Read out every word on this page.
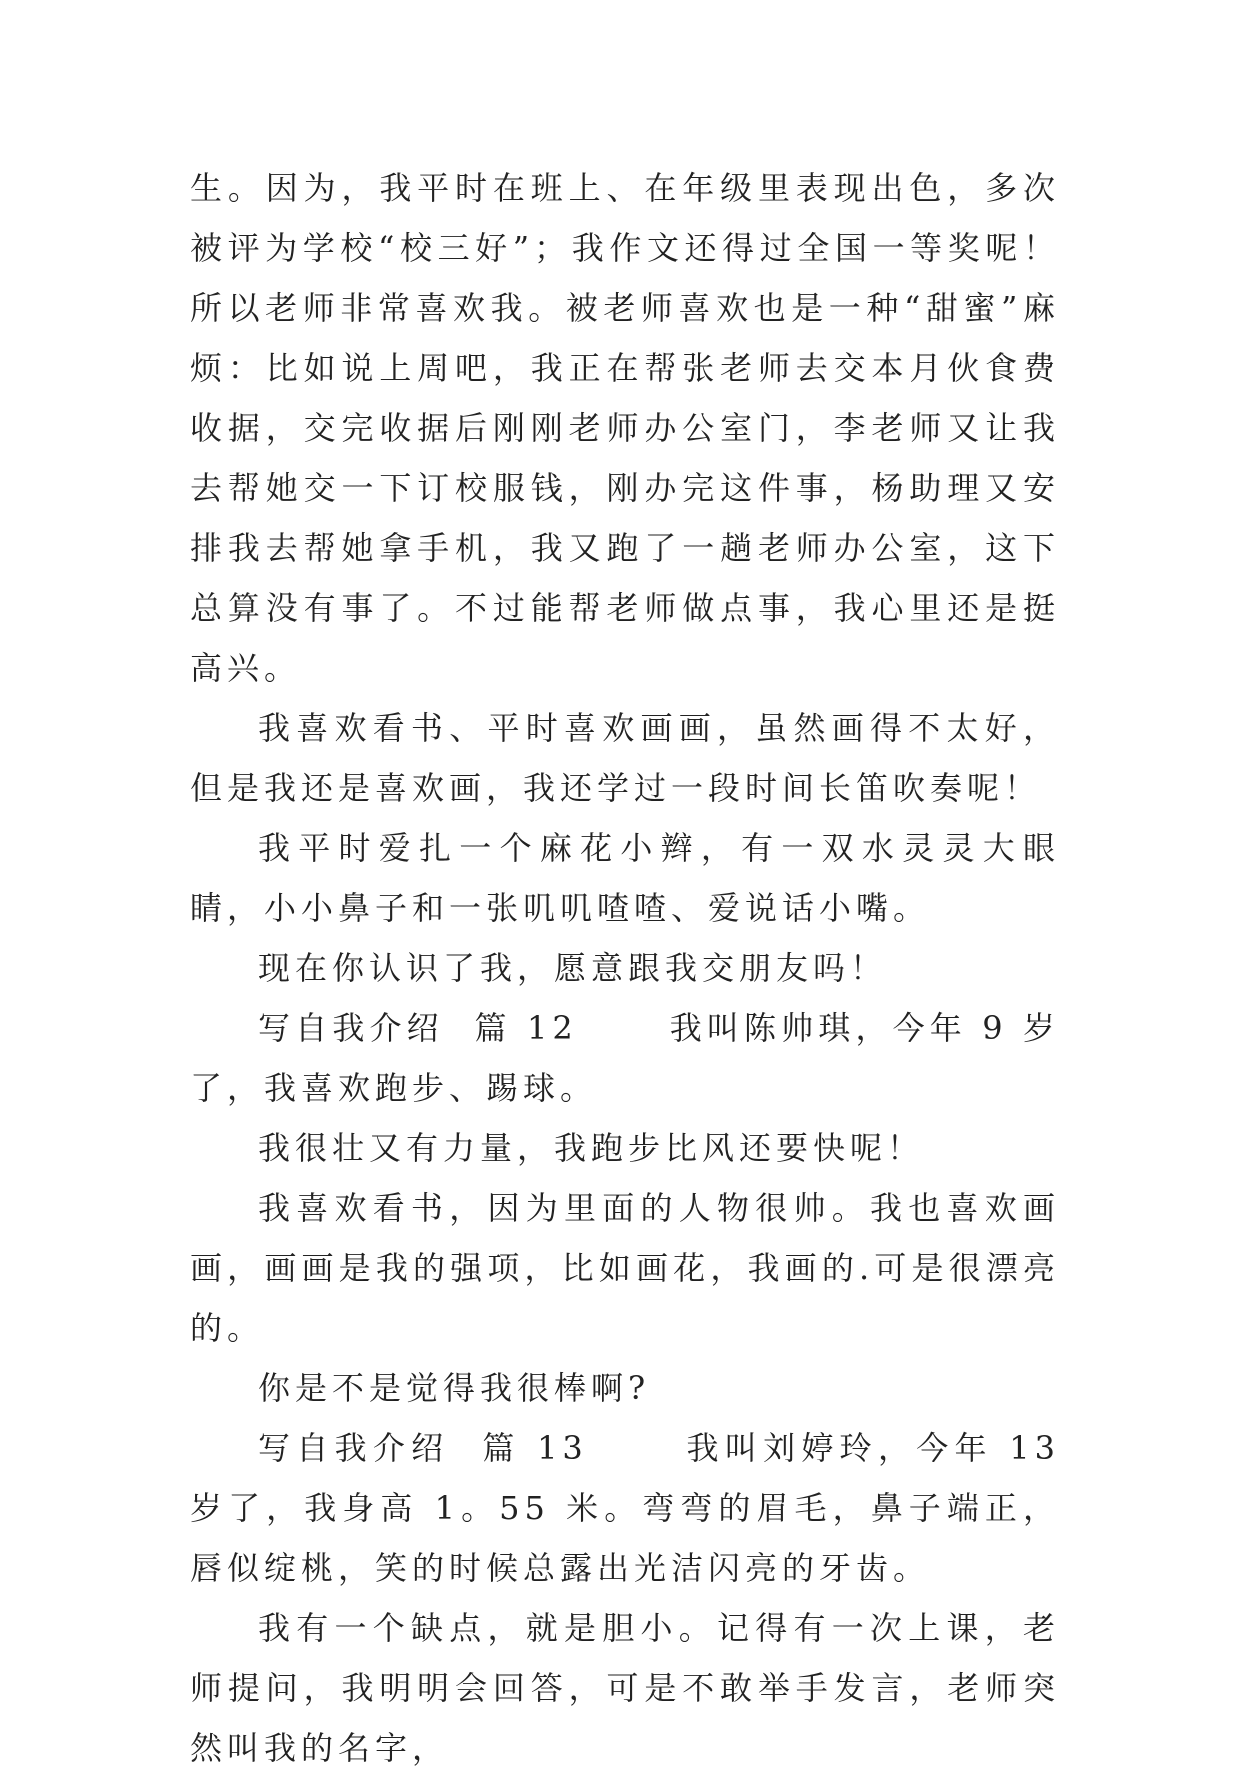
生。因为，我平时在班上、在年级里表现出色，多次被评为学校“校三好”；我作文还得过全国一等奖呢！所以老师非常喜欢我。被老师喜欢也是一种“甜蜜”麻烦：比如说上周吧，我正在帮张老师去交本月伙食费收据，交完收据后刚刚老师办公室门，李老师又让我去帮她交一下订校服钱，刚办完这件事，杨助理又安排我去帮她拿手机，我又跑了一趟老师办公室，这下总算没有事了。不过能帮老师做点事，我心里还是挺高兴。

我喜欢看书、平时喜欢画画，虽然画得不太好，但是我还是喜欢画，我还学过一段时间长笛吹奏呢！

我平时爱扎一个麻花小辫，有一双水灵灵大眼睛，小小鼻子和一张叽叽喳喳、爱说话小嘴。

现在你认识了我，愿意跟我交朋友吗！

写自我介绍  篇 12	我叫陈帅琪，今年 9 岁了，我喜欢跑步、踢球。

我很壮又有力量，我跑步比风还要快呢！

我喜欢看书，因为里面的人物很帅。我也喜欢画画，画画是我的强项，比如画花，我画的.可是很漂亮的。

你是不是觉得我很棒啊?

写自我介绍  篇 13	我叫刘婷玲，今年 13 岁了，我身高 1。55 米。弯弯的眉毛，鼻子端正，唇似绽桃，笑的时候总露出光洁闪亮的牙齿。

我有一个缺点，就是胆小。记得有一次上课，老师提问，我明明会回答，可是不敢举手发言，老师突然叫我的名字，
